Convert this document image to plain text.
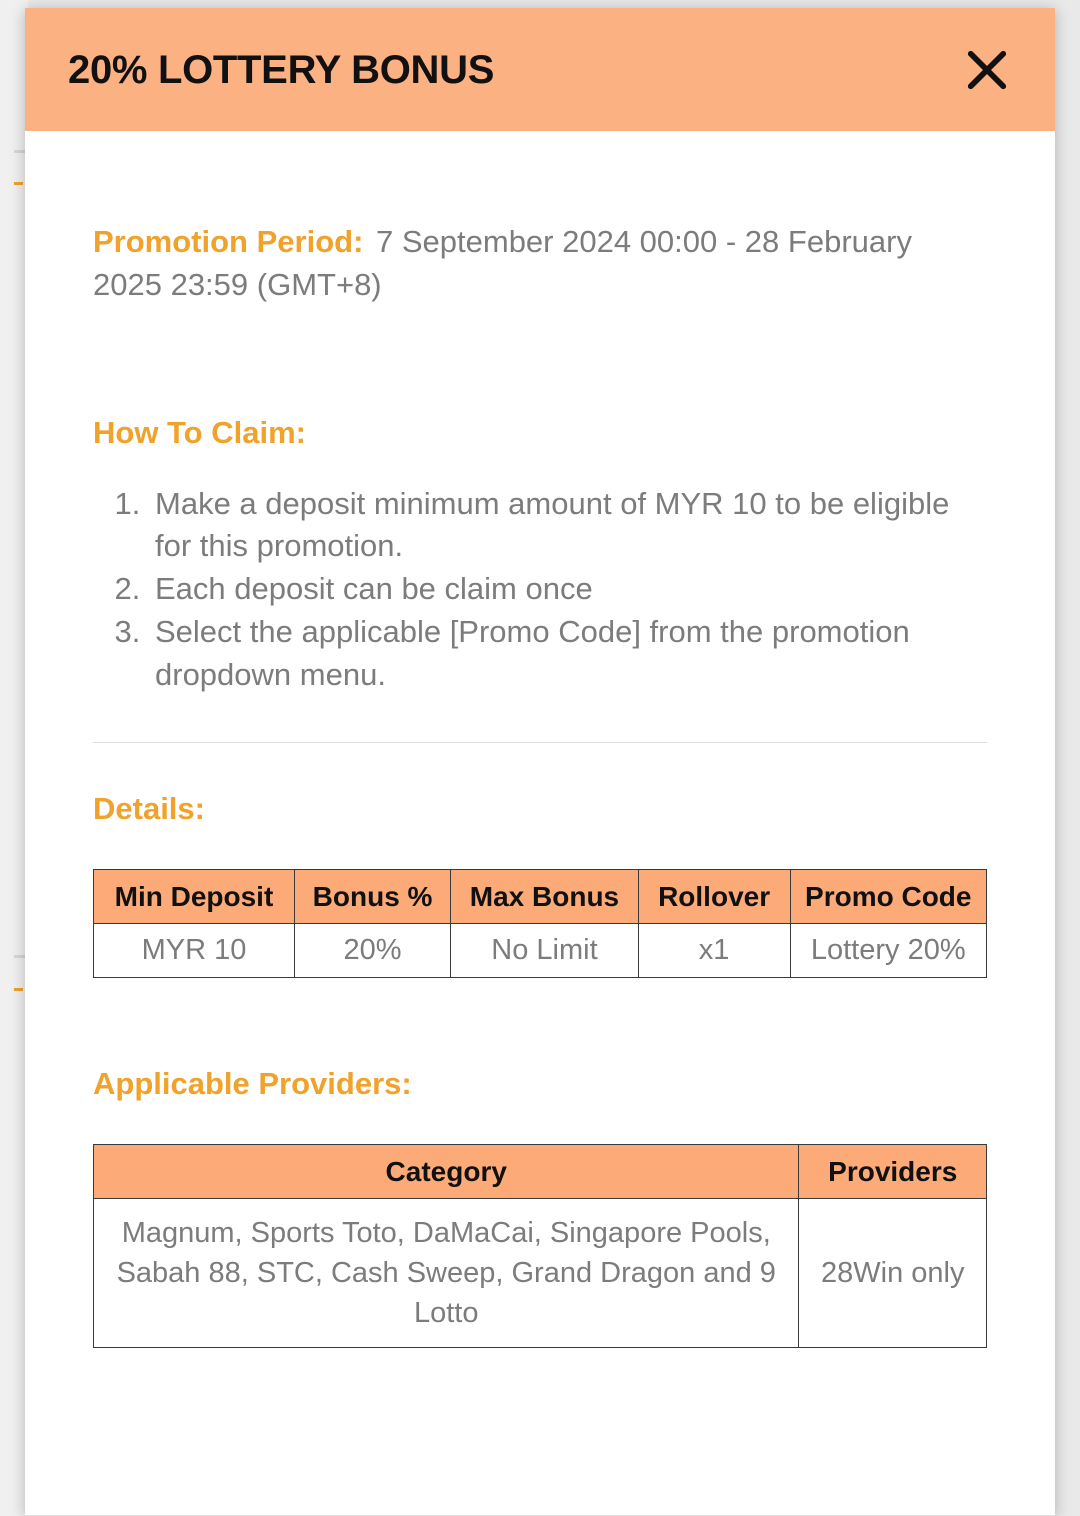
20% LOTTERY BONUS
Promotion Period: 7 September 2024 00:00 - 28 February 2025 23:59 (GMT+8)
How To Claim:
1. Make a deposit minimum amount of MYR 10 to be eligible for this promotion.
2. Each deposit can be claim once
3. Select the applicable [Promo Code] from the promotion dropdown menu.
Details:
Min Deposit	Bonus %	Max Bonus	Rollover	Promo Code
MYR 10	20%	No Limit	x1	Lottery 20%
Applicable Providers:
Category	Providers
Magnum, Sports Toto, DaMaCai, Singapore Pools, Sabah 88, STC, Cash Sweep, Grand Dragon and 9 Lotto	28Win only
